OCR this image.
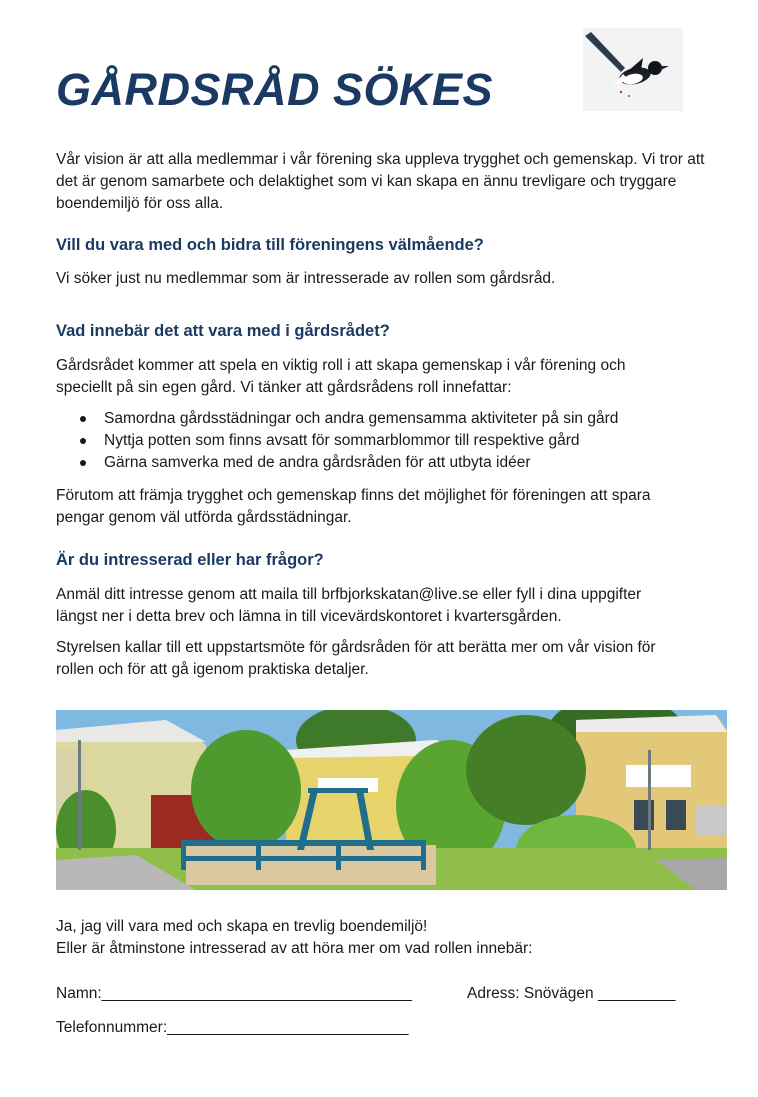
GÅRDSRÅD SÖKES
Vår vision är att alla medlemmar i vår förening ska uppleva trygghet och gemenskap. Vi tror att
det är genom samarbete och delaktighet som vi kan skapa en ännu trevligare och tryggare
boendemiljö för oss alla.
Vill du vara med och bidra till föreningens välmående?
Vi söker just nu medlemmar som är intresserade av rollen som gårdsråd.
Vad innebär det att vara med i gårdsrådet?
Gårdsrådet kommer att spela en viktig roll i att skapa gemenskap i vår förening och
speciellt på sin egen gård. Vi tänker att gårdsrådens roll innefattar:
Samordna gårdsstädningar och andra gemensamma aktiviteter på sin gård
Nyttja potten som finns avsatt för sommarblommor till respektive gård
Gärna samverka med de andra gårdsråden för att utbyta idéer
Förutom att främja trygghet och gemenskap finns det möjlighet för föreningen att spara
pengar genom väl utförda gårdsstädningar.
Är du intresserad eller har frågor?
Anmäl ditt intresse genom att maila till brfbjorkskatan@live.se eller fyll i dina uppgifter
längst ner i detta brev och lämna in till vicevärdskontoret i kvartersgården.
Styrelsen kallar till ett uppstartsmöte för gårdsråden för att berätta mer om vår vision för
rollen och för att gå igenom praktiska detaljer.
Ja, jag vill vara med och skapa en trevlig boendemiljö!
Eller är åtminstone intresserad av att höra mer om vad rollen innebär:
Namn:____________________________________	Adress: Snövägen _________
Telefonnummer:____________________________
